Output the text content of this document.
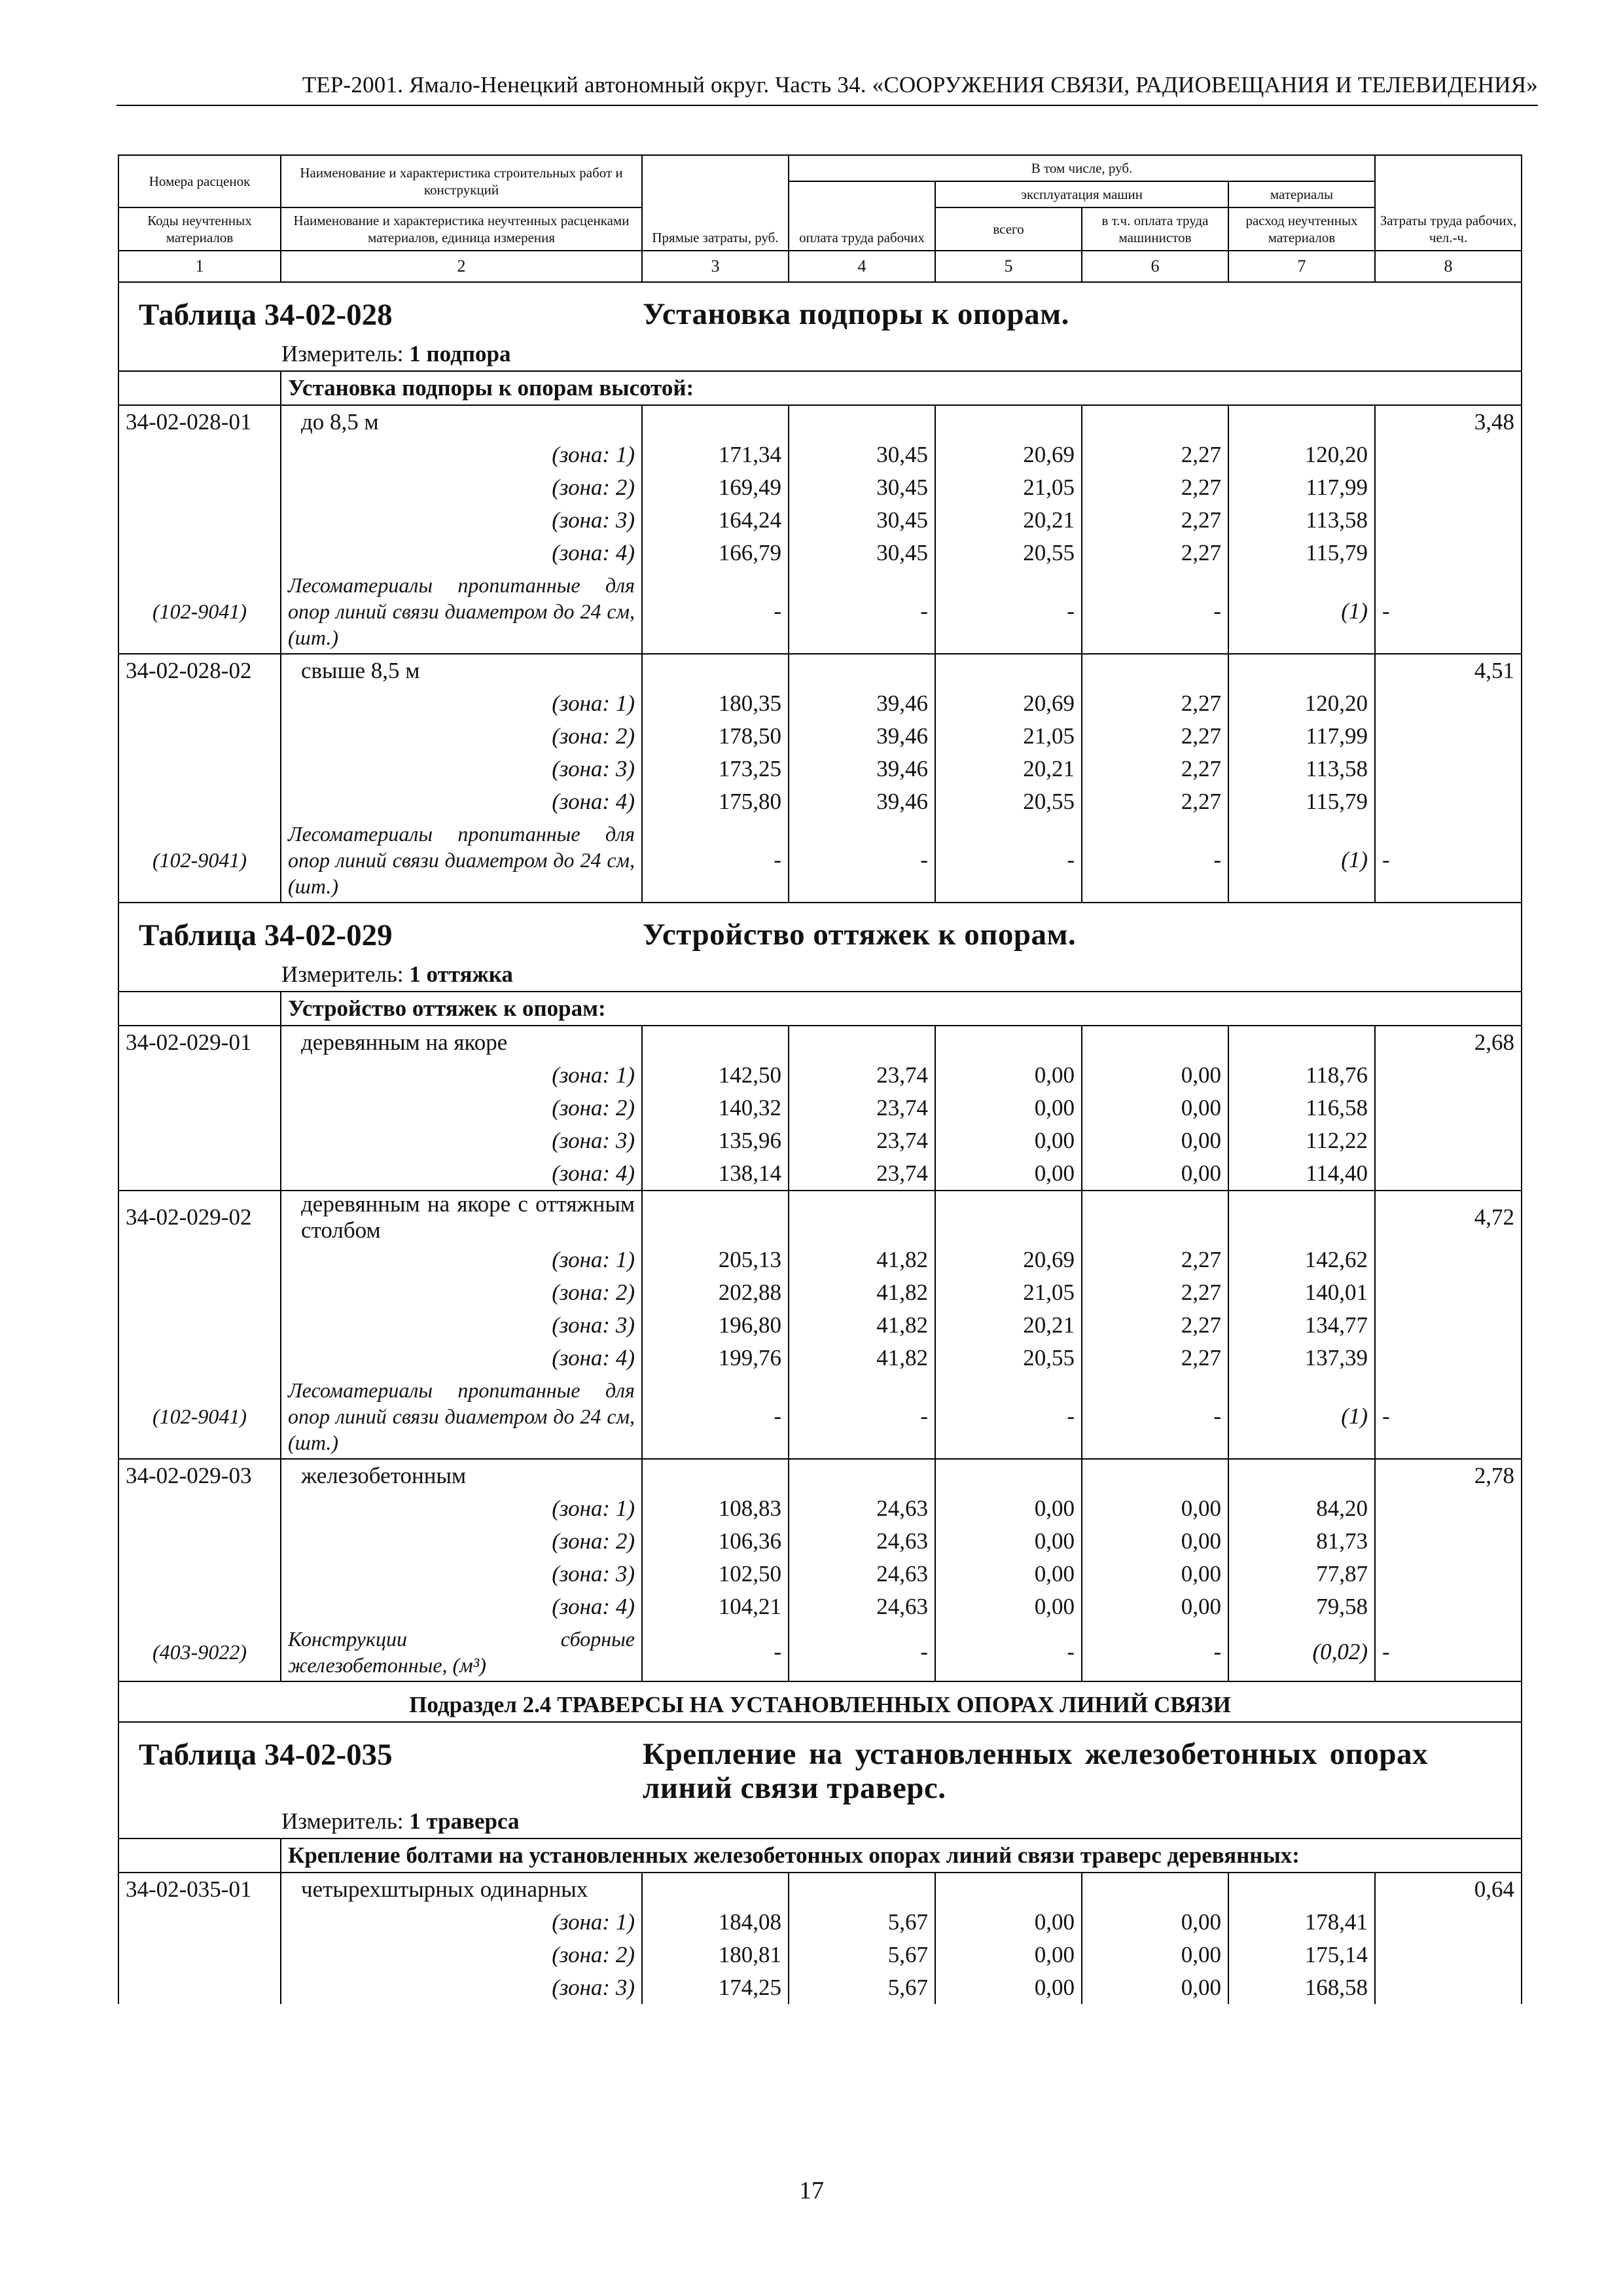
ТЕР-2001. Ямало-Ненецкий автономный округ. Часть 34. «СООРУЖЕНИЯ СВЯЗИ, РАДИОВЕЩАНИЯ И ТЕЛЕВИДЕНИЯ»
Номера расценок	Наименование и характеристика строительных работ и конструкций	Прямые затраты, руб.	В том числе, руб.				Затраты труда рабочих, чел.-ч.
			оплата труда рабочих	эксплуатация машин		материалы	
Коды неучтенных материалов	Наименование и характеристика неучтенных расценками материалов, единица измерения			всего	в т.ч. оплата труда машинистов	расход неучтенных материалов	
1	2	3	4	5	6	7	8

Таблица 34-02-028 Установка подпоры к опорам.
Измеритель: 1 подпора							

	Установка подпоры к опорам высотой:						
34-02-028-01	до 8,5 м						3,48
	(зона: 1)	171,34	30,45	20,69	2,27	120,20	
	(зона: 2)	169,49	30,45	21,05	2,27	117,99	
	(зона: 3)	164,24	30,45	20,21	2,27	113,58	
	(зона: 4)	166,79	30,45	20,55	2,27	115,79	
(102-9041)	Лесоматериалы пропитанные для опор линий связи диаметром до 24 см, (шт.)	-	-	-	-	(1)	-
34-02-028-02	свыше 8,5 м						4,51
	(зона: 1)	180,35	39,46	20,69	2,27	120,20	
	(зона: 2)	178,50	39,46	21,05	2,27	117,99	
	(зона: 3)	173,25	39,46	20,21	2,27	113,58	
	(зона: 4)	175,80	39,46	20,55	2,27	115,79	
(102-9041)	Лесоматериалы пропитанные для опор линий связи диаметром до 24 см, (шт.)	-	-	-	-	(1)	-

Таблица 34-02-029 Устройство оттяжек к опорам.
Измеритель: 1 оттяжка							

	Устройство оттяжек к опорам:						
34-02-029-01	деревянным на якоре						2,68
	(зона: 1)	142,50	23,74	0,00	0,00	118,76	
	(зона: 2)	140,32	23,74	0,00	0,00	116,58	
	(зона: 3)	135,96	23,74	0,00	0,00	112,22	
	(зона: 4)	138,14	23,74	0,00	0,00	114,40	
34-02-029-02	деревянным на якоре с оттяжным столбом						4,72
	(зона: 1)	205,13	41,82	20,69	2,27	142,62	
	(зона: 2)	202,88	41,82	21,05	2,27	140,01	
	(зона: 3)	196,80	41,82	20,21	2,27	134,77	
	(зона: 4)	199,76	41,82	20,55	2,27	137,39	
(102-9041)	Лесоматериалы пропитанные для опор линий связи диаметром до 24 см, (шт.)	-	-	-	-	(1)	-
34-02-029-03	железобетонным						2,78
	(зона: 1)	108,83	24,63	0,00	0,00	84,20	
	(зона: 2)	106,36	24,63	0,00	0,00	81,73	
	(зона: 3)	102,50	24,63	0,00	0,00	77,87	
	(зона: 4)	104,21	24,63	0,00	0,00	79,58	
(403-9022)	Конструкции сборные железобетонные, (м³)	-	-	-	-	(0,02)	-
Подраздел 2.4 ТРАВЕРСЫ НА УСТАНОВЛЕННЫХ ОПОРАХ ЛИНИЙ СВЯЗИ							

Таблица 34-02-035 Крепление на установленных железобетонных опорах линий связи траверс.
Измеритель: 1 траверса							

	Крепление болтами на установленных железобетонных опорах линий связи траверс деревянных:						
34-02-035-01	четырехштырных одинарных						0,64
	(зона: 1)	184,08	5,67	0,00	0,00	178,41	
	(зона: 2)	180,81	5,67	0,00	0,00	175,14	
	(зона: 3)	174,25	5,67	0,00	0,00	168,58	
17
